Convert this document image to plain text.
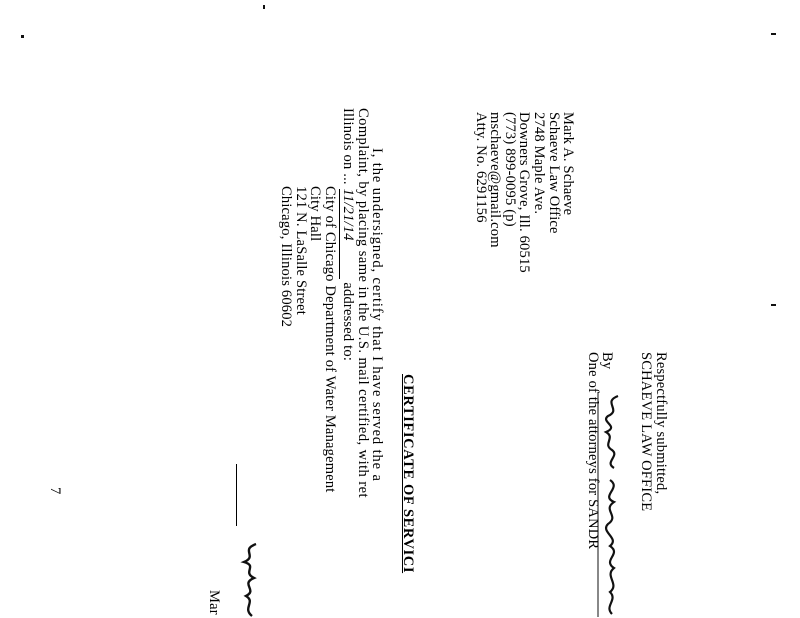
Respectfully submitted,
SCHAEVE LAW OFFICE
By
One of the attorneys for SANDR
Mark A. Schaeve
Schaeve Law Office
2748 Maple Ave.
Downers Grove, Ill. 60515
(773) 899-0095 (p)
mschaeve@gmail.com
Atty. No. 6291156
CERTIFICATE OF SERVICI
I, the undersigned, certify that I have served the a
Complaint, by placing same in the U.S. mail certified, with ret
Illinois on ... 11/21/14 addressed to:
City of Chicago Department of Water Management
City Hall
121 N. LaSalle Street
Chicago, Illinois 60602
Mar
7
